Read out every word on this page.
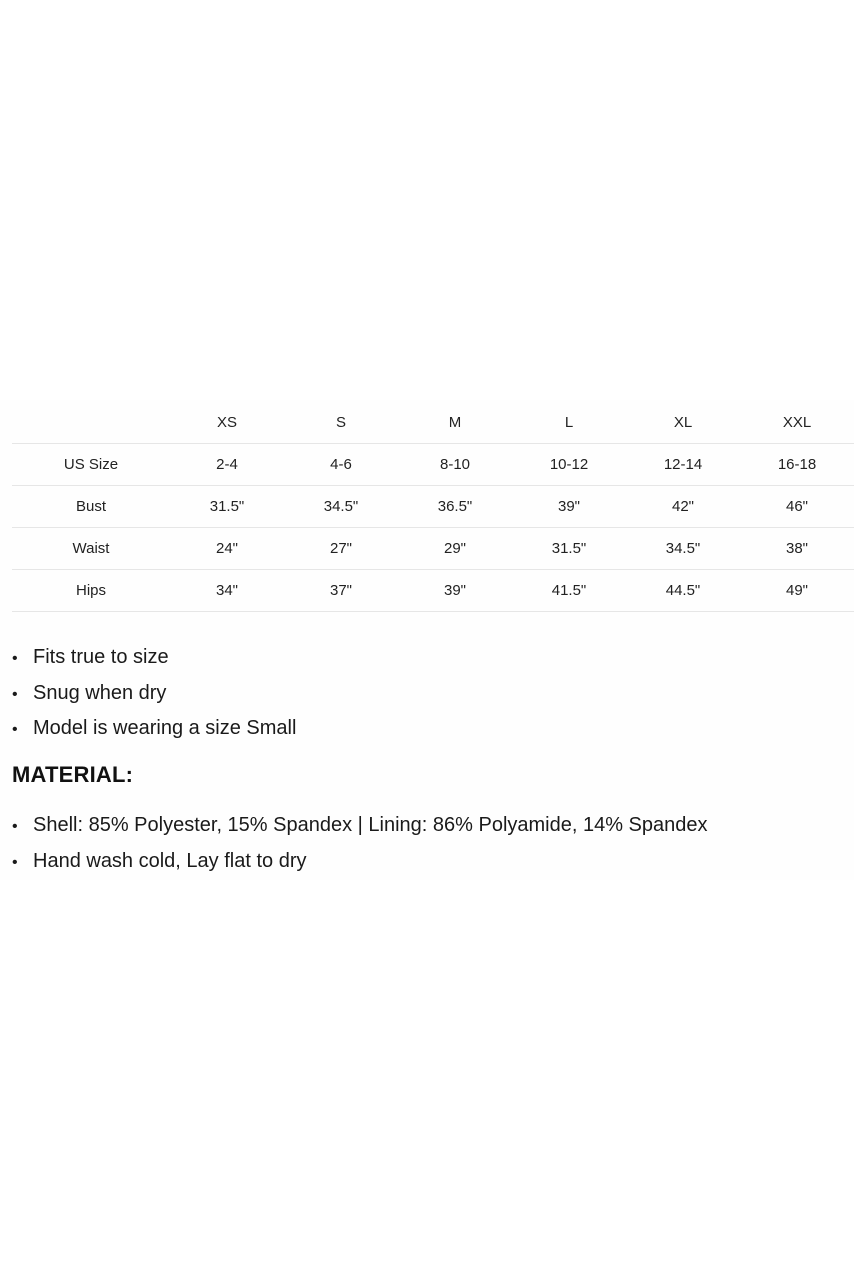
	XS	S	M	L	XL	XXL
US Size	2-4	4-6	8-10	10-12	12-14	16-18
Bust	31.5"	34.5"	36.5"	39"	42"	46"
Waist	24"	27"	29"	31.5"	34.5"	38"
Hips	34"	37"	39"	41.5"	44.5"	49"
• Fits true to size
• Snug when dry
• Model is wearing a size Small
MATERIAL:
• Shell: 85% Polyester, 15% Spandex | Lining: 86% Polyamide, 14% Spandex
• Hand wash cold, Lay flat to dry
